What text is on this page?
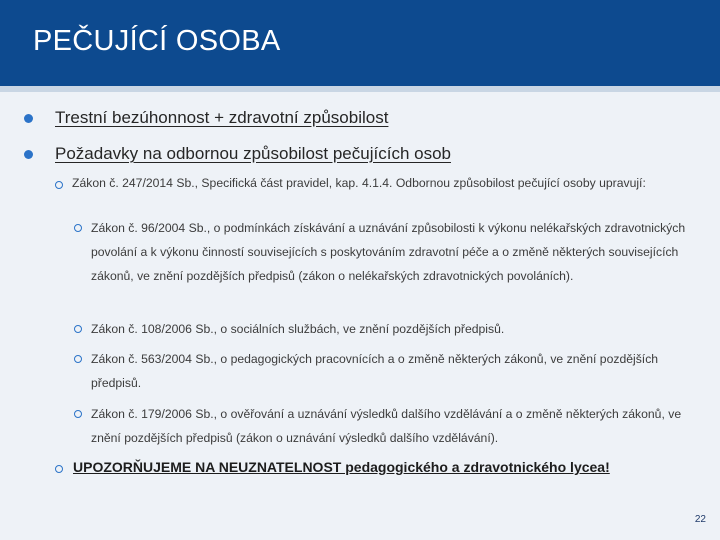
PEČUJÍCÍ OSOBA
Trestní bezúhonnost + zdravotní způsobilost
Požadavky na odbornou způsobilost pečujících osob
Zákon č. 247/2014 Sb., Specifická část pravidel, kap. 4.1.4. Odbornou způsobilost pečující osoby upravují:
Zákon č. 96/2004 Sb., o podmínkách získávání a uznávání způsobilosti k výkonu nelékařských zdravotnických povolání a k výkonu činností souvisejících s poskytováním zdravotní péče a o změně některých souvisejících zákonů, ve znění pozdějších předpisů (zákon o nelékařských zdravotnických povoláních).
Zákon č. 108/2006 Sb., o sociálních službách, ve znění pozdějších předpisů.
Zákon č. 563/2004 Sb., o pedagogických pracovnících a o změně některých zákonů, ve znění pozdějších předpisů.
Zákon č. 179/2006 Sb., o ověřování a uznávání výsledků dalšího vzdělávání a o změně některých zákonů, ve znění pozdějších předpisů (zákon o uznávání výsledků dalšího vzdělávání).
UPOZORŇUJEME NA NEUZNATELNOST pedagogického a zdravotnického lycea!
22
